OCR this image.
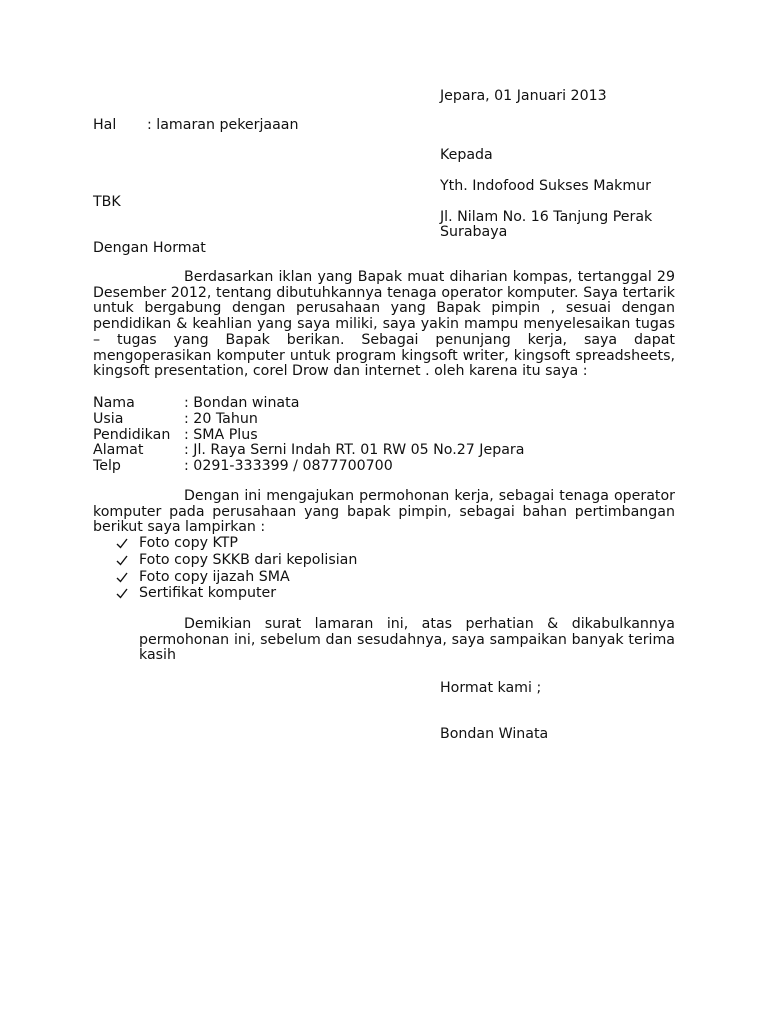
Jepara, 01 Januari 2013
Hal : lamaran pekerjaaan
Kepada
Yth. Indofood Sukses Makmur
TBK
Jl. Nilam No. 16 Tanjung Perak
Surabaya
Dengan Hormat
Berdasarkan iklan yang Bapak muat diharian kompas, tertanggal 29 Desember 2012, tentang dibutuhkannya tenaga operator komputer. Saya tertarik untuk bergabung dengan perusahaan yang Bapak pimpin , sesuai dengan pendidikan & keahlian yang saya miliki, saya yakin mampu menyelesaikan tugas – tugas yang Bapak berikan. Sebagai penunjang kerja, saya dapat mengoperasikan komputer untuk program kingsoft writer, kingsoft spreadsheets, kingsoft presentation, corel Drow dan internet . oleh karena itu saya :
Nama	: Bondan winata
Usia	: 20 Tahun
Pendidikan : SMA Plus
Alamat	: Jl. Raya Serni Indah RT. 01 RW 05 No.27 Jepara
Telp	: 0291-333399 / 0877700700
Dengan ini mengajukan permohonan kerja, sebagai tenaga operator komputer pada perusahaan yang bapak pimpin, sebagai bahan pertimbangan berikut saya lampirkan :
Foto copy KTP
Foto copy SKKB dari kepolisian
Foto copy ijazah SMA
Sertifikat komputer
Demikian surat lamaran ini, atas perhatian & dikabulkannya permohonan ini, sebelum dan sesudahnya, saya sampaikan banyak terima kasih
Hormat kami ;
Bondan Winata
